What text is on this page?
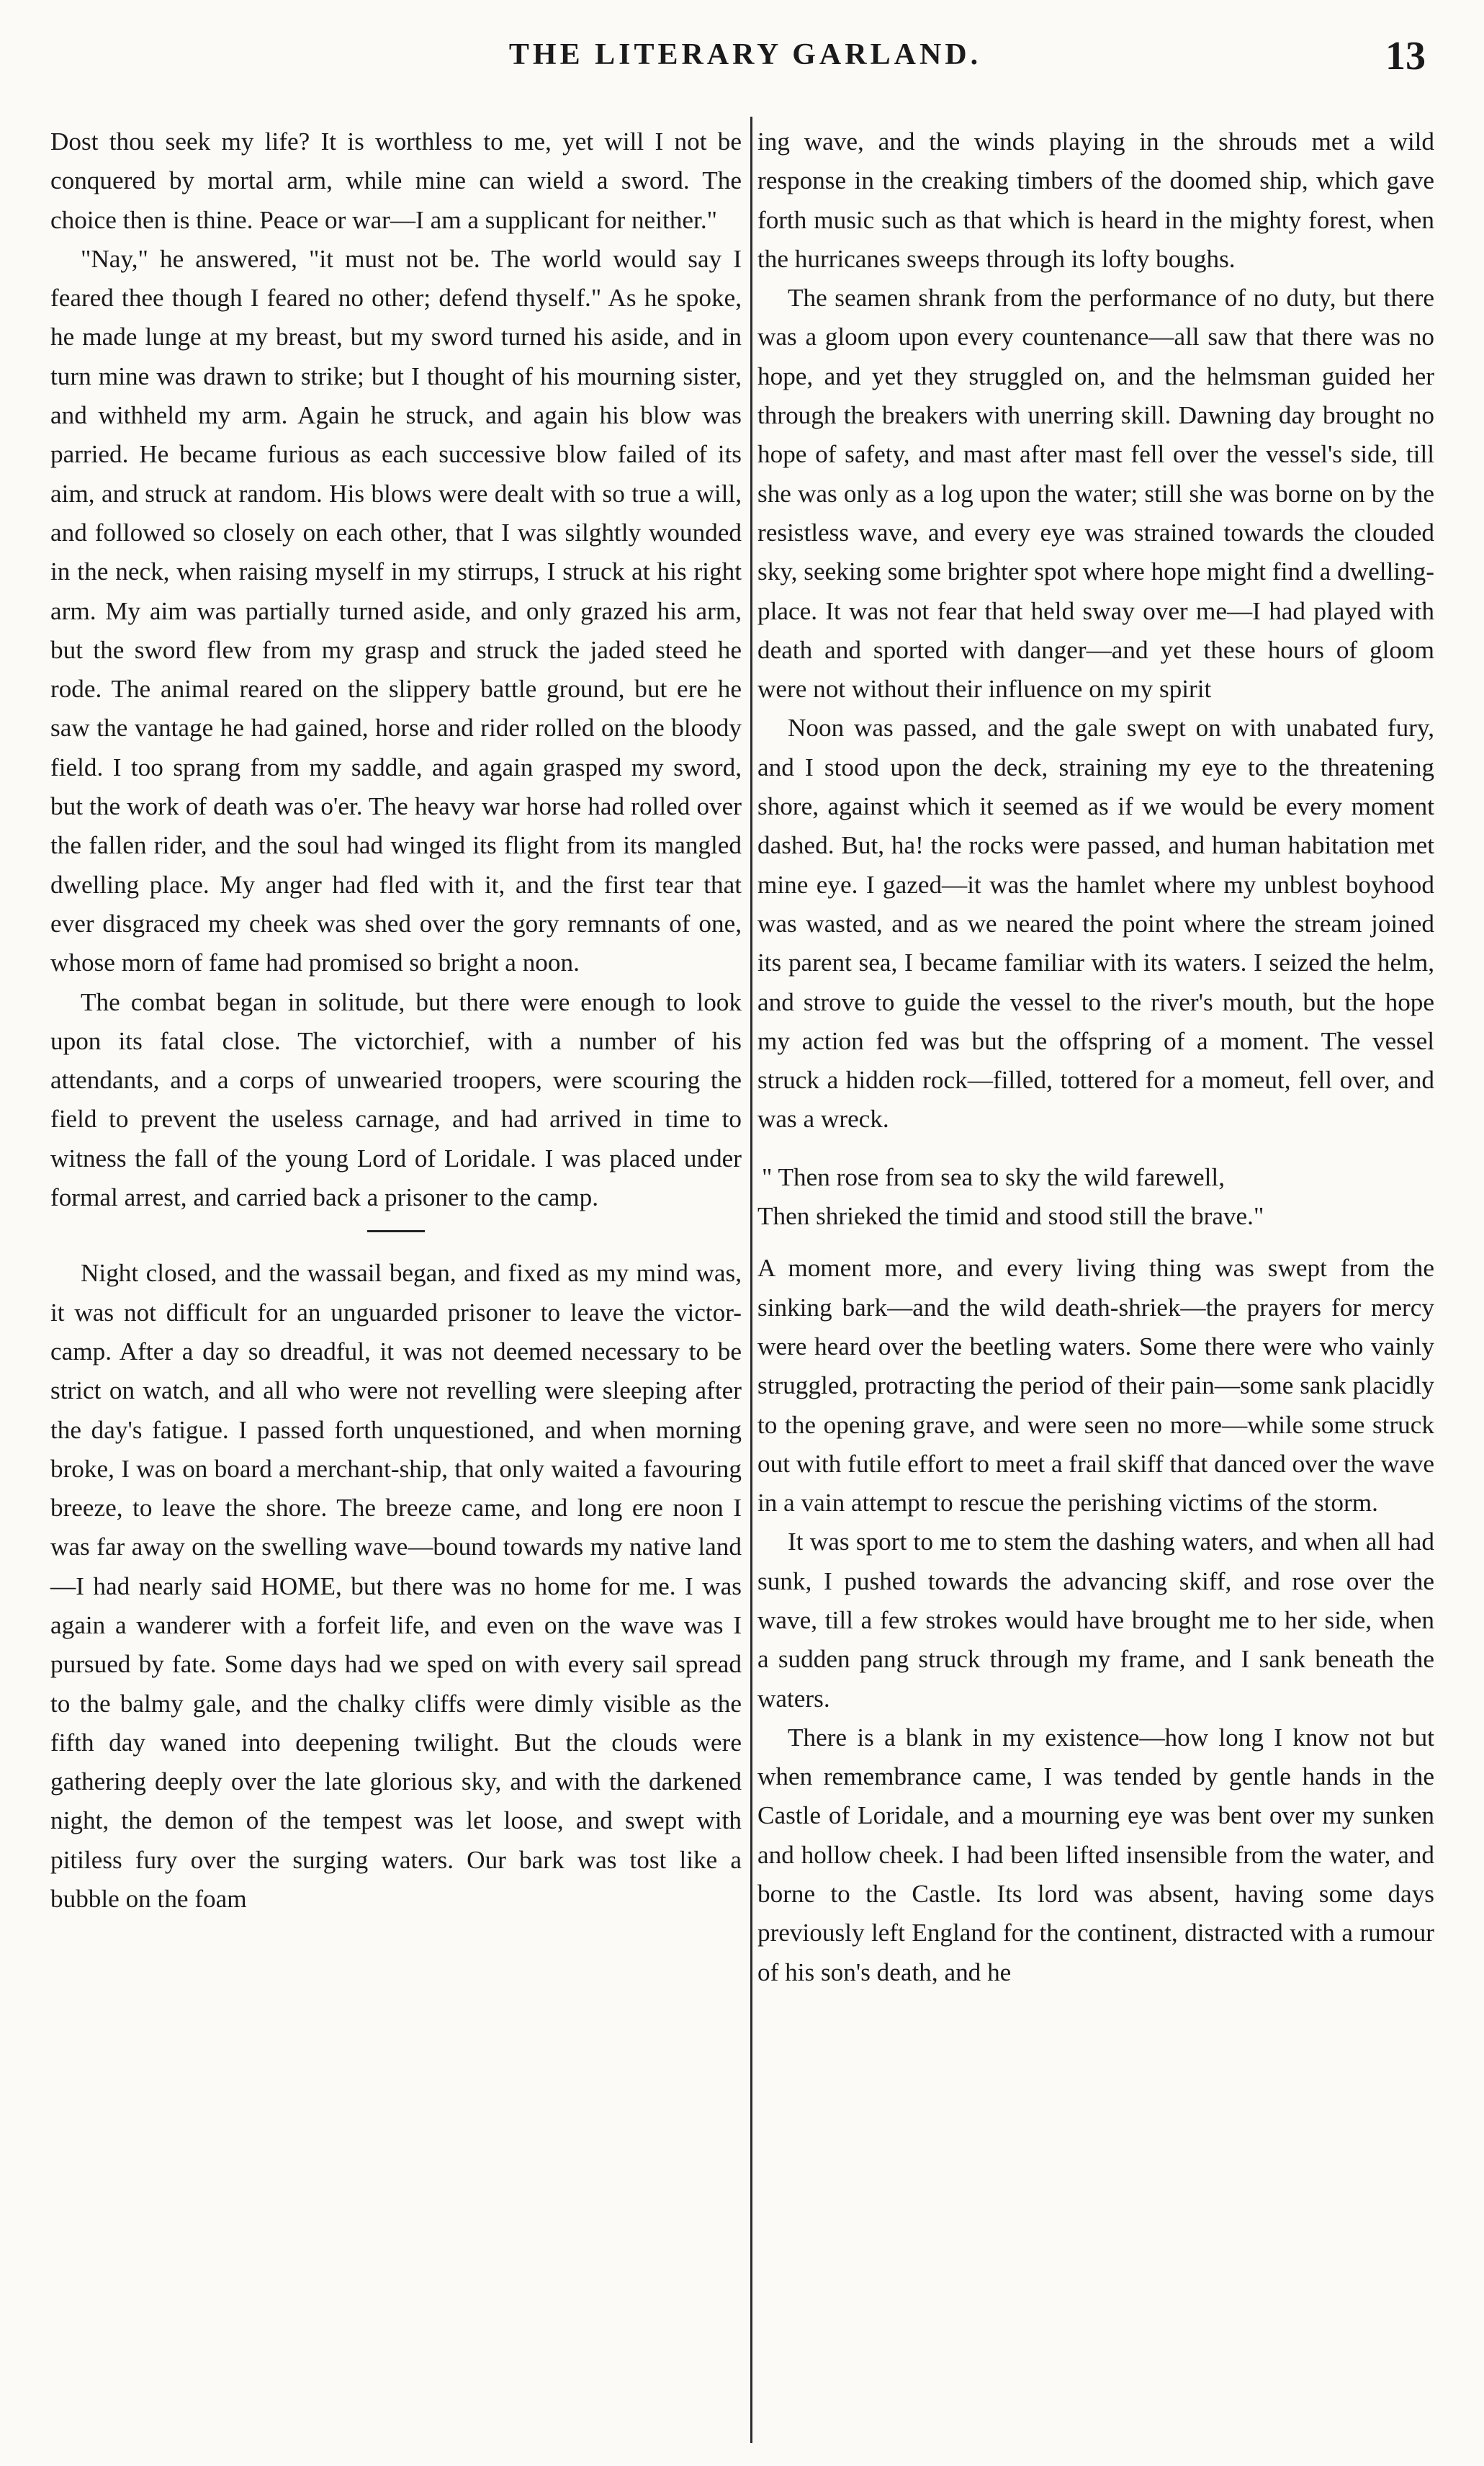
THE LITERARY GARLAND.	13

Dost thou seek my life? It is worthless to me, yet will I not be conquered by mortal arm, while mine can wield a sword. The choice then is thine. Peace or war—I am a supplicant for neither."

"Nay," he answered, "it must not be. The world would say I feared thee though I feared no other; defend thyself." As he spoke, he made lunge at my breast, but my sword turned his aside, and in turn mine was drawn to strike; but I thought of his mourning sister, and withheld my arm. Again he struck, and again his blow was parried. He became furious as each successive blow failed of its aim, and struck at random. His blows were dealt with so true a will, and followed so closely on each other, that I was silghtly wounded in the neck, when raising myself in my stirrups, I struck at his right arm. My aim was partially turned aside, and only grazed his arm, but the sword flew from my grasp and struck the jaded steed he rode. The animal reared on the slippery battle ground, but ere he saw the vantage he had gained, horse and rider rolled on the bloody field. I too sprang from my saddle, and again grasped my sword, but the work of death was o'er. The heavy war horse had rolled over the fallen rider, and the soul had winged its flight from its mangled dwelling place. My anger had fled with it, and the first tear that ever disgraced my cheek was shed over the gory remnants of one, whose morn of fame had promised so bright a noon.

The combat began in solitude, but there were enough to look upon its fatal close. The victorchief, with a number of his attendants, and a corps of unwearied troopers, were scouring the field to prevent the useless carnage, and had arrived in time to witness the fall of the young Lord of Loridale. I was placed under formal arrest, and carried back a prisoner to the camp.

Night closed, and the wassail began, and fixed as my mind was, it was not difficult for an unguarded prisoner to leave the victor-camp. After a day so dreadful, it was not deemed necessary to be strict on watch, and all who were not revelling were sleeping after the day's fatigue. I passed forth unquestioned, and when morning broke, I was on board a merchant-ship, that only waited a favouring breeze, to leave the shore. The breeze came, and long ere noon I was far away on the swelling wave—bound towards my native land—I had nearly said HOME, but there was no home for me. I was again a wanderer with a forfeit life, and even on the wave was I pursued by fate. Some days had we sped on with every sail spread to the balmy gale, and the chalky cliffs were dimly visible as the fifth day waned into deepening twilight. But the clouds were gathering deeply over the late glorious sky, and with the darkened night, the demon of the tempest was let loose, and swept with pitiless fury over the surging waters. Our bark was tost like a bubble on the foam

ing wave, and the winds playing in the shrouds met a wild response in the creaking timbers of the doomed ship, which gave forth music such as that which is heard in the mighty forest, when the hurricanes sweeps through its lofty boughs.

The seamen shrank from the performance of no duty, but there was a gloom upon every countenance—all saw that there was no hope, and yet they struggled on, and the helmsman guided her through the breakers with unerring skill. Dawning day brought no hope of safety, and mast after mast fell over the vessel's side, till she was only as a log upon the water; still she was borne on by the resistless wave, and every eye was strained towards the clouded sky, seeking some brighter spot where hope might find a dwelling-place. It was not fear that held sway over me—I had played with death and sported with danger—and yet these hours of gloom were not without their influence on my spirit

Noon was passed, and the gale swept on with unabated fury, and I stood upon the deck, straining my eye to the threatening shore, against which it seemed as if we would be every moment dashed. But, ha! the rocks were passed, and human habitation met mine eye. I gazed—it was the hamlet where my unblest boyhood was wasted, and as we neared the point where the stream joined its parent sea, I became familiar with its waters. I seized the helm, and strove to guide the vessel to the river's mouth, but the hope my action fed was but the offspring of a moment. The vessel struck a hidden rock—filled, tottered for a momeut, fell over, and was a wreck.

" Then rose from sea to sky the wild farewell,
Then shrieked the timid and stood still the brave."

A moment more, and every living thing was swept from the sinking bark—and the wild death-shriek—the prayers for mercy were heard over the beetling waters. Some there were who vainly struggled, protracting the period of their pain—some sank placidly to the opening grave, and were seen no more—while some struck out with futile effort to meet a frail skiff that danced over the wave in a vain attempt to rescue the perishing victims of the storm.

It was sport to me to stem the dashing waters, and when all had sunk, I pushed towards the advancing skiff, and rose over the wave, till a few strokes would have brought me to her side, when a sudden pang struck through my frame, and I sank beneath the waters.

There is a blank in my existence—how long I know not but when remembrance came, I was tended by gentle hands in the Castle of Loridale, and a mourning eye was bent over my sunken and hollow cheek. I had been lifted insensible from the water, and borne to the Castle. Its lord was absent, having some days previously left England for the continent, distracted with a rumour of his son's death, and he
